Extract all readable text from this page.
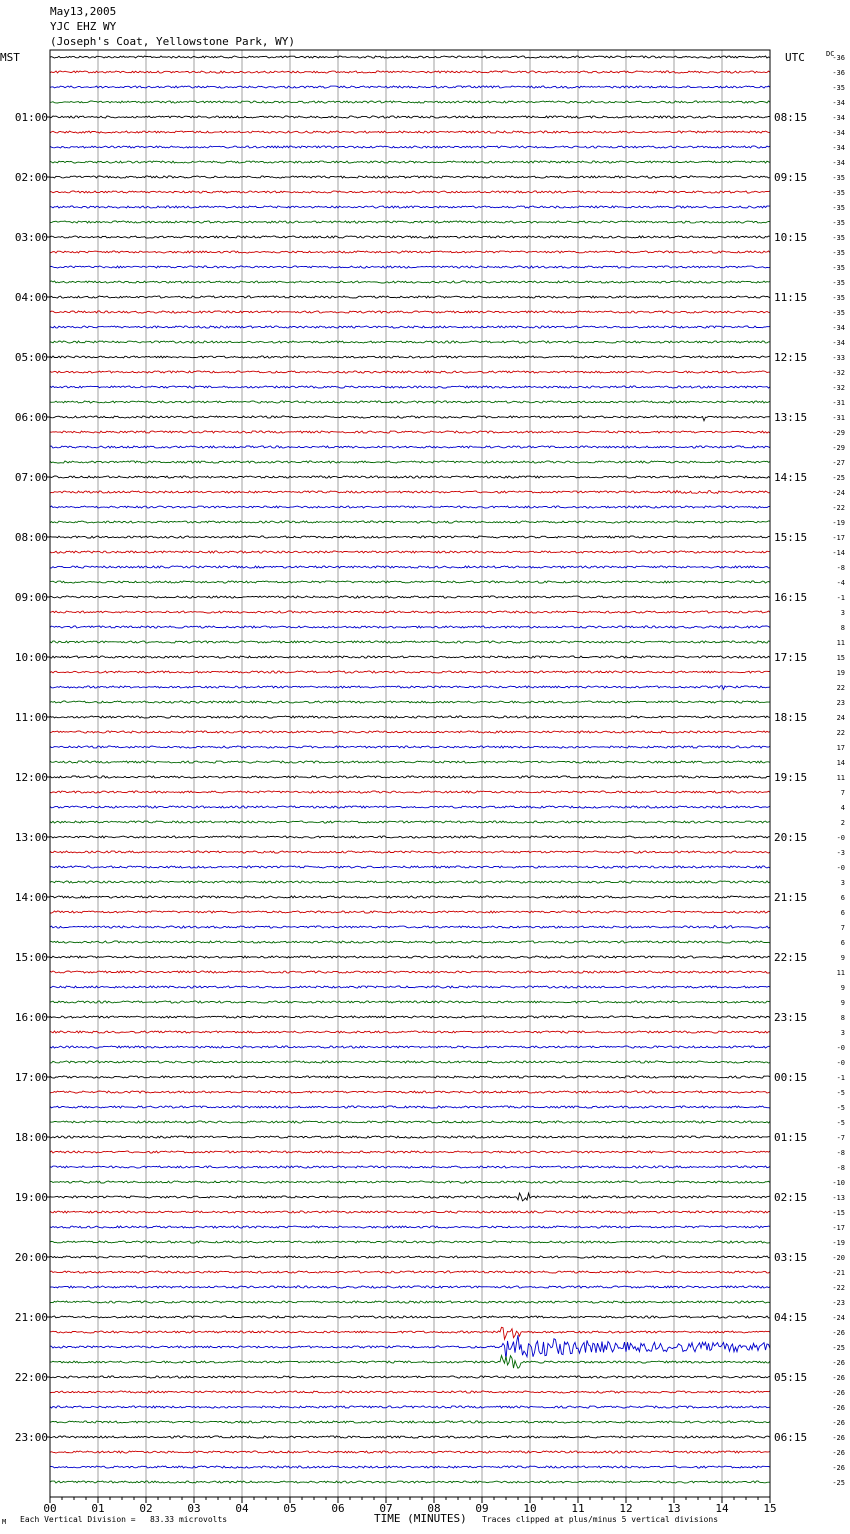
May13,2005
YJC EHZ WY
(Joseph's Coat, Yellowstone Park, WY)
00	01	02	03	04	05	06	07	08	09	10	11	12	13	14	15
MST	UTC	DC
01:00
02:00
03:00
04:00
05:00
06:00
07:00
08:00
09:00
10:00
11:00
12:00
13:00
14:00
15:00
16:00
17:00
18:00
19:00
20:00
21:00
22:00
23:00
08:15
09:15
10:15
11:15
12:15
13:15
14:15
15:15
16:15
17:15
18:15
19:15
20:15
21:15
22:15
23:15
00:15
01:15
02:15
03:15
04:15
05:15
06:15
-36
-36
-35
-34
-34
-34
-34
-34
-35
-35
-35
-35
-35
-35
-35
-35
-35
-35
-34
-34
-33
-32
-32
-31
-31
-29
-29
-27
-25
-24
-22
-19
-17
-14
-8
-4
-1
3
8
11
15
19
22
23
24
22
17
14
11
7
4
2
-0
-3
-0
3
6
6
7
6
9
11
9
9
8
3
-0
-0
-1
-5
-5
-5
-7
-8
-8
-10
-13
-15
-17
-19
-20
-21
-22
-23
-24
-26
-25
-26
-26
-26
-26
-26
-26
-26
-26
-25
TIME (MINUTES)
M Each Vertical Division =   83.33 microvolts	Traces clipped at plus/minus 5 vertical divisions
